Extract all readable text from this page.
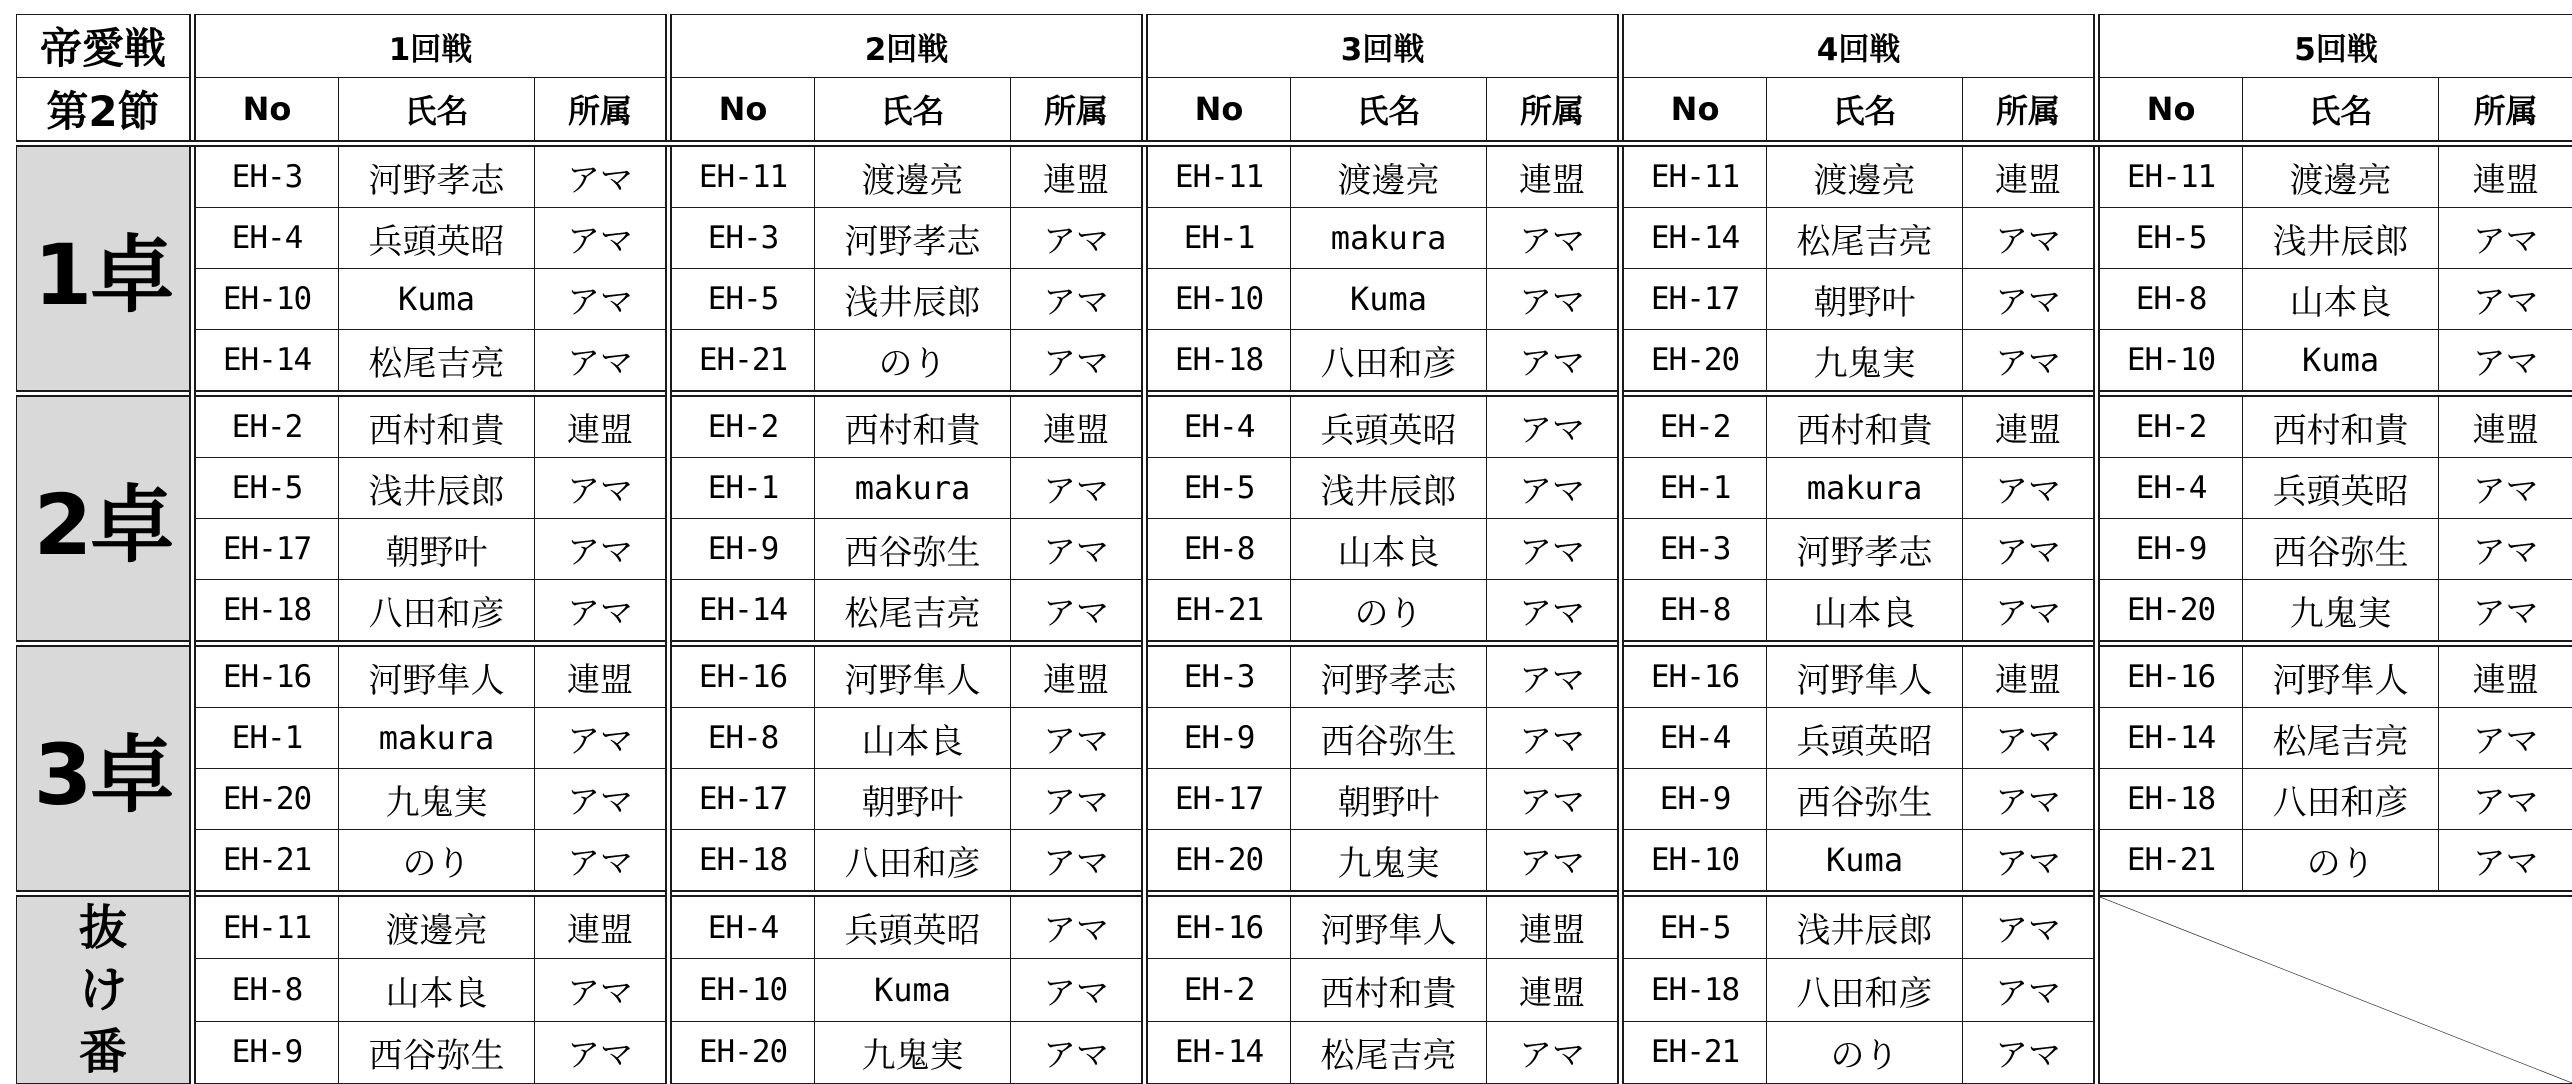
帝愛戦	1回戦			2回戦			3回戦			4回戦			5回戦		
第2節	No	氏名	所属	No	氏名	所属	No	氏名	所属	No	氏名	所属	No	氏名	所属
1卓	EH-3	河野孝志	アマ	EH-11	渡邊亮	連盟	EH-11	渡邊亮	連盟	EH-11	渡邊亮	連盟	EH-11	渡邊亮	連盟
	EH-4	兵頭英昭	アマ	EH-3	河野孝志	アマ	EH-1	makura	アマ	EH-14	松尾吉亮	アマ	EH-5	浅井辰郎	アマ
	EH-10	Kuma	アマ	EH-5	浅井辰郎	アマ	EH-10	Kuma	アマ	EH-17	朝野叶	アマ	EH-8	山本良	アマ
	EH-14	松尾吉亮	アマ	EH-21	のり	アマ	EH-18	八田和彦	アマ	EH-20	九鬼実	アマ	EH-10	Kuma	アマ
2卓	EH-2	西村和貴	連盟	EH-2	西村和貴	連盟	EH-4	兵頭英昭	アマ	EH-2	西村和貴	連盟	EH-2	西村和貴	連盟
	EH-5	浅井辰郎	アマ	EH-1	makura	アマ	EH-5	浅井辰郎	アマ	EH-1	makura	アマ	EH-4	兵頭英昭	アマ
	EH-17	朝野叶	アマ	EH-9	西谷弥生	アマ	EH-8	山本良	アマ	EH-3	河野孝志	アマ	EH-9	西谷弥生	アマ
	EH-18	八田和彦	アマ	EH-14	松尾吉亮	アマ	EH-21	のり	アマ	EH-8	山本良	アマ	EH-20	九鬼実	アマ
3卓	EH-16	河野隼人	連盟	EH-16	河野隼人	連盟	EH-3	河野孝志	アマ	EH-16	河野隼人	連盟	EH-16	河野隼人	連盟
	EH-1	makura	アマ	EH-8	山本良	アマ	EH-9	西谷弥生	アマ	EH-4	兵頭英昭	アマ	EH-14	松尾吉亮	アマ
	EH-20	九鬼実	アマ	EH-17	朝野叶	アマ	EH-17	朝野叶	アマ	EH-9	西谷弥生	アマ	EH-18	八田和彦	アマ
	EH-21	のり	アマ	EH-18	八田和彦	アマ	EH-20	九鬼実	アマ	EH-10	Kuma	アマ	EH-21	のり	アマ

抜
け
番	EH-11	渡邊亮	連盟	EH-4	兵頭英昭	アマ	EH-16	河野隼人	連盟	EH-5	浅井辰郎	アマ	

	EH-8	山本良	アマ	EH-10	Kuma	アマ	EH-2	西村和貴	連盟	EH-18	八田和彦	アマ			
	EH-9	西谷弥生	アマ	EH-20	九鬼実	アマ	EH-14	松尾吉亮	アマ	EH-21	のり	アマ			
